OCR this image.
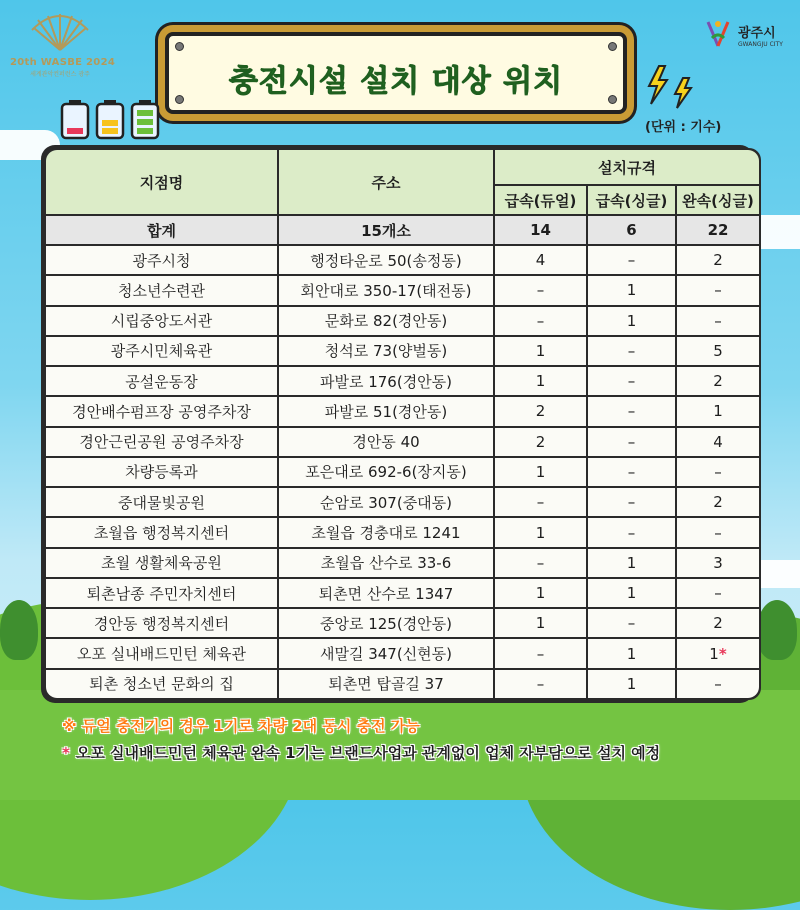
20th WASBE 2024
세계관악컨퍼런스 광주
광주시
GWANGJU CITY
충전시설 설치 대상 위치
(단위 : 기수)
지점명	주소	설치규격		
		급속(듀얼)	급속(싱글)	완속(싱글)
합계	15개소	14	6	22
광주시청	행정타운로 50(송정동)	4	–	2
청소년수련관	회안대로 350-17(태전동)	–	1	–
시립중앙도서관	문화로 82(경안동)	–	1	–
광주시민체육관	청석로 73(양벌동)	1	–	5
공설운동장	파발로 176(경안동)	1	–	2
경안배수펌프장 공영주차장	파발로 51(경안동)	2	–	1
경안근린공원 공영주차장	경안동 40	2	–	4
차량등록과	포은대로 692-6(장지동)	1	–	–
중대물빛공원	순암로 307(중대동)	–	–	2
초월읍 행정복지센터	초월읍 경충대로 1241	1	–	–
초월 생활체육공원	초월읍 산수로 33-6	–	1	3
퇴촌남종 주민자치센터	퇴촌면 산수로 1347	1	1	–
경안동 행정복지센터	중앙로 125(경안동)	1	–	2
오포 실내배드민턴 체육관	새말길 347(신현동)	–	1	1*
퇴촌 청소년 문화의 집	퇴촌면 탑골길 37	–	1	–
※ 듀얼 충전기의 경우 1기로 차량 2대 동시 충전 가능
* 오포 실내배드민턴 체육관 완속 1기는 브랜드사업과 관계없이 업체 자부담으로 설치 예정
